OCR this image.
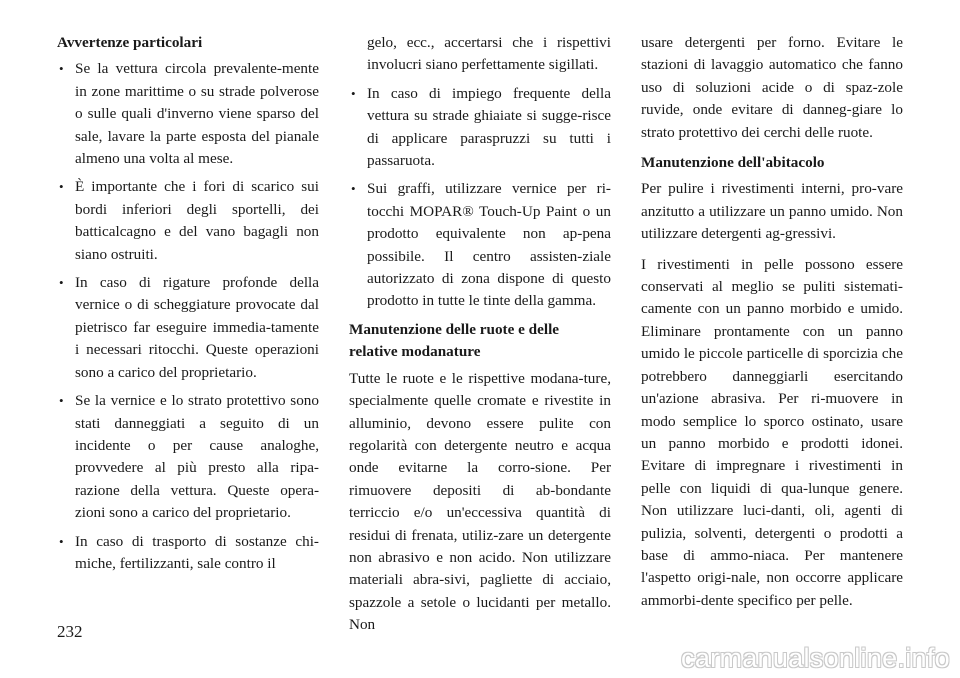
Avvertenze particolari
• Se la vettura circola prevalente-mente in zone marittime o su strade polverose o sulle quali d'inverno viene sparso del sale, lavare la parte esposta del pianale almeno una volta al mese.
• È importante che i fori di scarico sui bordi inferiori degli sportelli, dei batticalcagno e del vano bagagli non siano ostruiti.
• In caso di rigature profonde della vernice o di scheggiature provocate dal pietrisco far eseguire immedia-tamente i necessari ritocchi. Queste operazioni sono a carico del proprietario.
• Se la vernice e lo strato protettivo sono stati danneggiati a seguito di un incidente o per cause analoghe, provvedere al più presto alla ripa-razione della vettura. Queste opera-zioni sono a carico del proprietario.
• In caso di trasporto di sostanze chi-miche, fertilizzanti, sale contro il
gelo, ecc., accertarsi che i rispettivi involucri siano perfettamente sigillati.
• In caso di impiego frequente della vettura su strade ghiaiate si sugge-risce di applicare paraspruzzi su tutti i passaruota.
• Sui graffi, utilizzare vernice per ri-tocchi MOPAR® Touch-Up Paint o un prodotto equivalente non ap-pena possibile. Il centro assisten-ziale autorizzato di zona dispone di questo prodotto in tutte le tinte della gamma.
Manutenzione delle ruote e delle relative modanature

Tutte le ruote e le rispettive modana-ture, specialmente quelle cromate e rivestite in alluminio, devono essere pulite con regolarità con detergente neutro e acqua onde evitarne la corro-sione. Per rimuovere depositi di ab-bondante terriccio e/o un'eccessiva quantità di residui di frenata, utiliz-zare un detergente non abrasivo e non acido. Non utilizzare materiali abra-sivi, pagliette di acciaio, spazzole a setole o lucidanti per metallo. Non

usare detergenti per forno. Evitare le stazioni di lavaggio automatico che fanno uso di soluzioni acide o di spaz-zole ruvide, onde evitare di danneg-giare lo strato protettivo dei cerchi delle ruote.

Manutenzione dell'abitacolo

Per pulire i rivestimenti interni, pro-vare anzitutto a utilizzare un panno umido. Non utilizzare detergenti ag-gressivi.

I rivestimenti in pelle possono essere conservati al meglio se puliti sistemati-camente con un panno morbido e umido. Eliminare prontamente con un panno umido le piccole particelle di sporcizia che potrebbero danneggiarli esercitando un'azione abrasiva. Per ri-muovere in modo semplice lo sporco ostinato, usare un panno morbido e prodotti idonei. Evitare di impregnare i rivestimenti in pelle con liquidi di qua-lunque genere. Non utilizzare luci-danti, oli, agenti di pulizia, solventi, detergenti o prodotti a base di ammo-niaca. Per mantenere l'aspetto origi-nale, non occorre applicare ammorbi-dente specifico per pelle.

232
carmanualsonline.info
